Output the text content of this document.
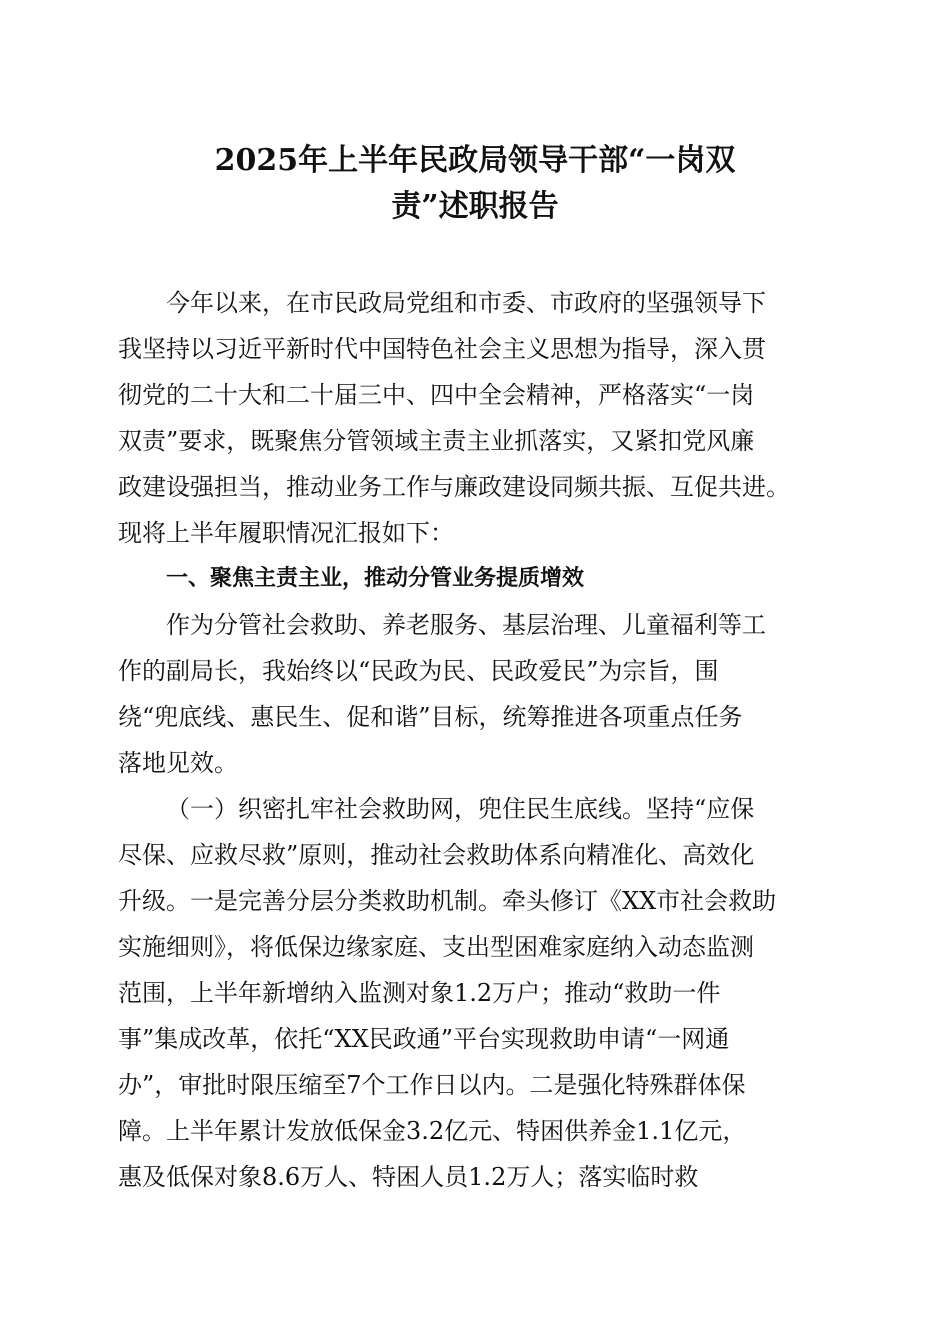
2025年上半年民政局领导干部“一岗双
责”述职报告
今年以来，在市民政局党组和市委、市政府的坚强领导下
我坚持以习近平新时代中国特色社会主义思想为指导，深入贯
彻党的二十大和二十届三中、四中全会精神，严格落实“一岗
双责”要求，既聚焦分管领域主责主业抓落实，又紧扣党风廉
政建设强担当，推动业务工作与廉政建设同频共振、互促共进。
现将上半年履职情况汇报如下：
一、聚焦主责主业，推动分管业务提质增效
作为分管社会救助、养老服务、基层治理、儿童福利等工
作的副局长，我始终以“民政为民、民政爱民”为宗旨，围
绕“兜底线、惠民生、促和谐”目标，统筹推进各项重点任务
落地见效。
（一）织密扎牢社会救助网，兜住民生底线。坚持“应保
尽保、应救尽救”原则，推动社会救助体系向精准化、高效化
升级。一是完善分层分类救助机制。牵头修订《XX市社会救助
实施细则》，将低保边缘家庭、支出型困难家庭纳入动态监测
范围，上半年新增纳入监测对象1.2万户；推动“救助一件
事”集成改革，依托“XX民政通”平台实现救助申请“一网通
办”，审批时限压缩至7个工作日以内。二是强化特殊群体保
障。上半年累计发放低保金3.2亿元、特困供养金1.1亿元，
惠及低保对象8.6万人、特困人员1.2万人；落实临时救
